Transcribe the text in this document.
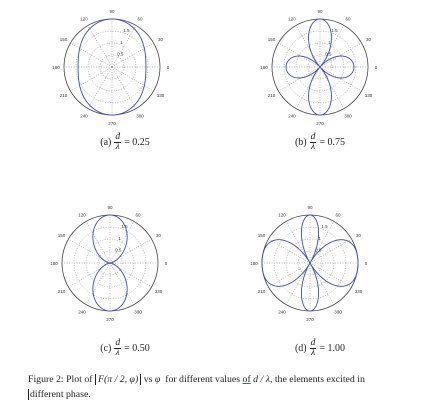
0
30
60
90
120
150
180
210
240
270
300
330
0.5
1
1.5
0
30
60
90
120
150
180
210
240
270
300
330
0.5
1
1.5
0
30
60
90
120
150
180
210
240
270
300
330
0.5
1
1.5
0
30
60
90
120
150
180
210
240
270
300
330
0.5
1
1.5
$(a) \frac{d}{\lambda} = 0.25$	$(b) \frac{d}{\lambda} = 0.75$
$(c) \frac{d}{\lambda} = 0.50$	$(d) \frac{d}{\lambda} = 1.00$
Figure 2: Plot of F(π / 2, φ) vs φ for different values of d / λ, the elements excited in
different phase.
